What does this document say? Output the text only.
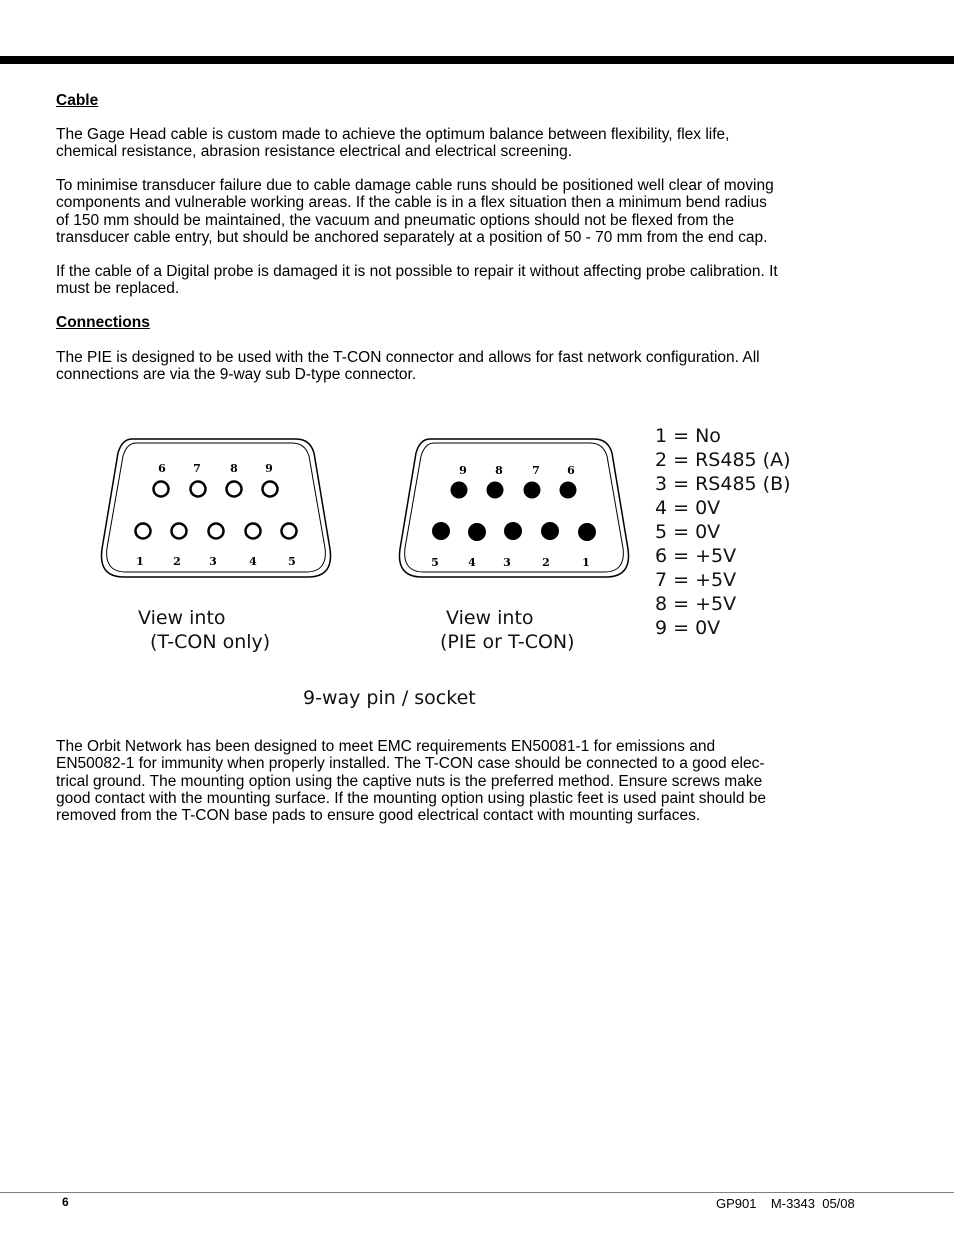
Cable
The Gage Head cable is custom made to achieve the optimum balance between flexibility, flex life,
chemical resistance, abrasion resistance electrical and electrical screening.
To minimise transducer failure due to cable damage cable runs should be positioned well clear of moving
components and vulnerable working areas. If the cable is in a flex situation then a minimum bend radius
of 150 mm should be maintained, the vacuum and pneumatic options should not be flexed from the
transducer cable entry, but should be anchored separately at a position of 50 - 70 mm from the end cap.
If the cable of a Digital probe is damaged it is not possible to repair it without affecting probe calibration. It
must be replaced.
Connections
The PIE is designed to be used with the T-CON connector and allows for fast network configuration. All
connections are via the 9-way sub D-type connector.
6 7	8 9
1	2	3	4	5
9	8	7 6
5	4 3	2	1
View into
(T-CON only)
View into
(PIE or T-CON)
1 = No
2 = RS485 (A)
3 = RS485 (B)
4 = 0V
5 = 0V
6 = +5V
7 = +5V
8 = +5V
9 = 0V
9-way pin / socket
The Orbit Network has been designed to meet EMC requirements EN50081-1 for emissions and
EN50082-1 for immunity when properly installed. The T-CON case should be connected to a good elec-
trical ground. The mounting option using the captive nuts is the preferred method. Ensure screws make
good contact with the mounting surface. If the mounting option using plastic feet is used paint should be
removed from the T-CON base pads to ensure good electrical contact with mounting surfaces.
6	GP901    M-3343  05/08
